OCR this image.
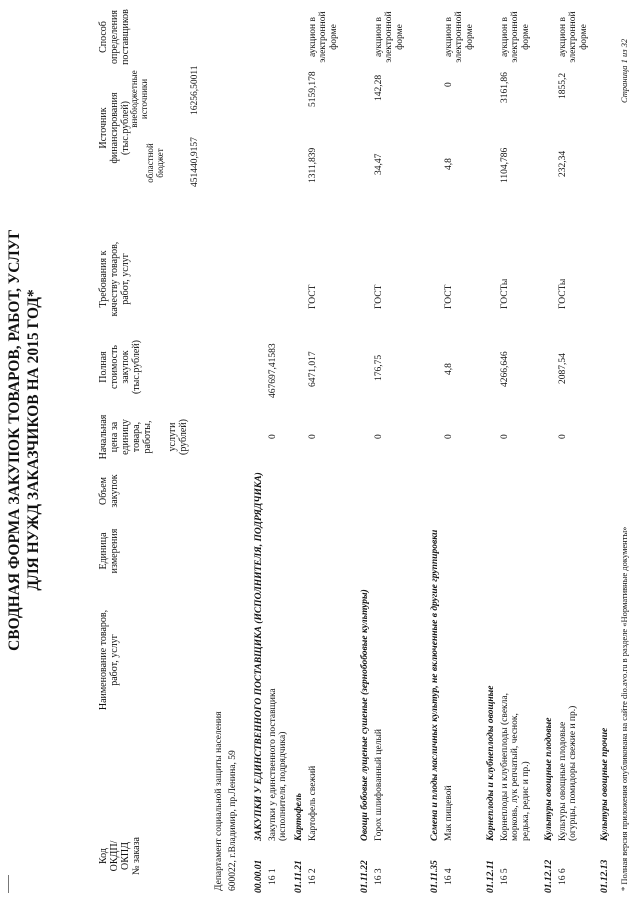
СВОДНАЯ ФОРМА ЗАКУПОК ТОВАРОВ, РАБОТ, УСЛУГ ДЛЯ НУЖД ЗАКАЗЧИКОВ НА 2015 ГОД*
Код ОКДП/ ОКПД № заказа
Наименование товаров, работ, услуг
Единица измерения
Объем закупок
Начальная цена за единицу товара, работы, услуги (рублей)
Полная стоимость закупок (тыс.рублей)
Требования к качеству товаров, работ, услуг
Источник финансирования (тыс.рублей)
областной бюджет
внебюджетные источники
Способ определения поставщиков
Департамент социальной защиты населения 600022, г.Владимир, пр.Ленина, 59 00.00.01
ЗАКУПКИ У ЕДИНСТВЕННОГО ПОСТАВЩИКА (ИСПОЛНИТЕЛЯ, ПОДРЯДЧИКА)
16 1
Закупки у единственного поставщика (исполнителя, подрядчика)
0
467697,41583
451440,9157
16256,50011
01.11.21
Картофель
16 2
Картофель свежий
0
6471,017
ГОСТ
1311,839
5159,178
аукцион в электронной форме
01.11.22
Овощи бобовые лущеные сушеные (зернобобовые культуры)
16 3
Горох шлифованный целый
0
176,75
ГОСТ
34,47
142,28
аукцион в электронной форме
01.11.35
Семена и плоды масличных культур, не включенные в другие группировки
16 4
Мак пищевой
0
4,8
ГОСТ
4,8
0
аукцион в электронной форме
01.12.11
Корнеплоды и клубнеплоды овощные
16 5
Корнеплоды и клубнеплоды (свекла, морковь, лук репчатый, чеснок, редька, редис и пр.)
0
4266,646
ГОСТы
1104,786
3161,86
аукцион в электронной форме
01.12.12
Культуры овощные плодовые
16 6
Культуры овощные плодовые (огурцы, помидоры свежие и пр.)
0
2087,54
ГОСТы
232,34
1855,2
аукцион в электронной форме
01.12.13
Культуры овощные прочие * Полная версия приложения опубликована на сайте dio.avo.ru в разделе «Нормативные документы»
Страница 1 из 32
